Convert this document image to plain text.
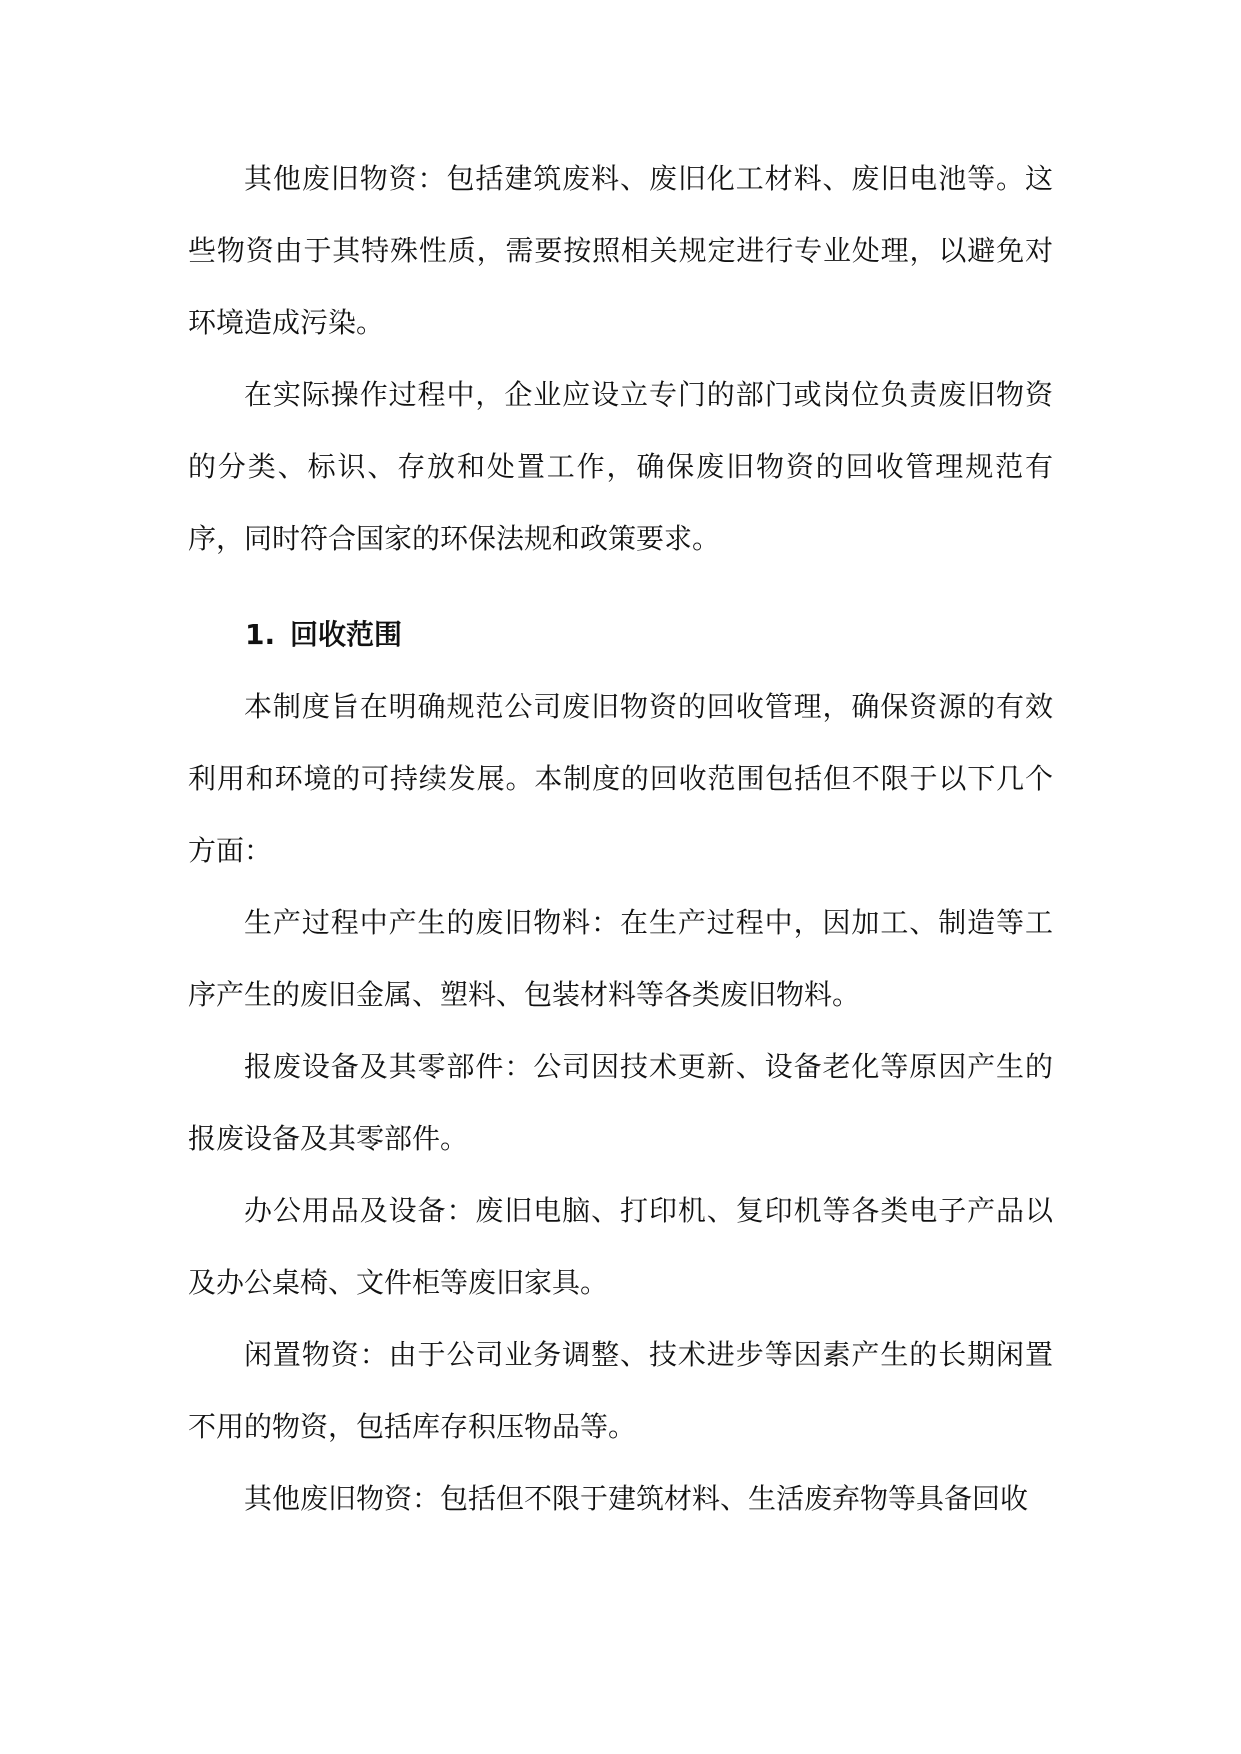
其他废旧物资：包括建筑废料、废旧化工材料、废旧电池等。这些物资由于其特殊性质，需要按照相关规定进行专业处理，以避免对环境造成污染。

在实际操作过程中，企业应设立专门的部门或岗位负责废旧物资的分类、标识、存放和处置工作，确保废旧物资的回收管理规范有序，同时符合国家的环保法规和政策要求。

1. 回收范围

本制度旨在明确规范公司废旧物资的回收管理，确保资源的有效利用和环境的可持续发展。本制度的回收范围包括但不限于以下几个方面：

生产过程中产生的废旧物料：在生产过程中，因加工、制造等工序产生的废旧金属、塑料、包装材料等各类废旧物料。

报废设备及其零部件：公司因技术更新、设备老化等原因产生的报废设备及其零部件。

办公用品及设备：废旧电脑、打印机、复印机等各类电子产品以及办公桌椅、文件柜等废旧家具。

闲置物资：由于公司业务调整、技术进步等因素产生的长期闲置不用的物资，包括库存积压物品等。

其他废旧物资：包括但不限于建筑材料、生活废弃物等具备回收
